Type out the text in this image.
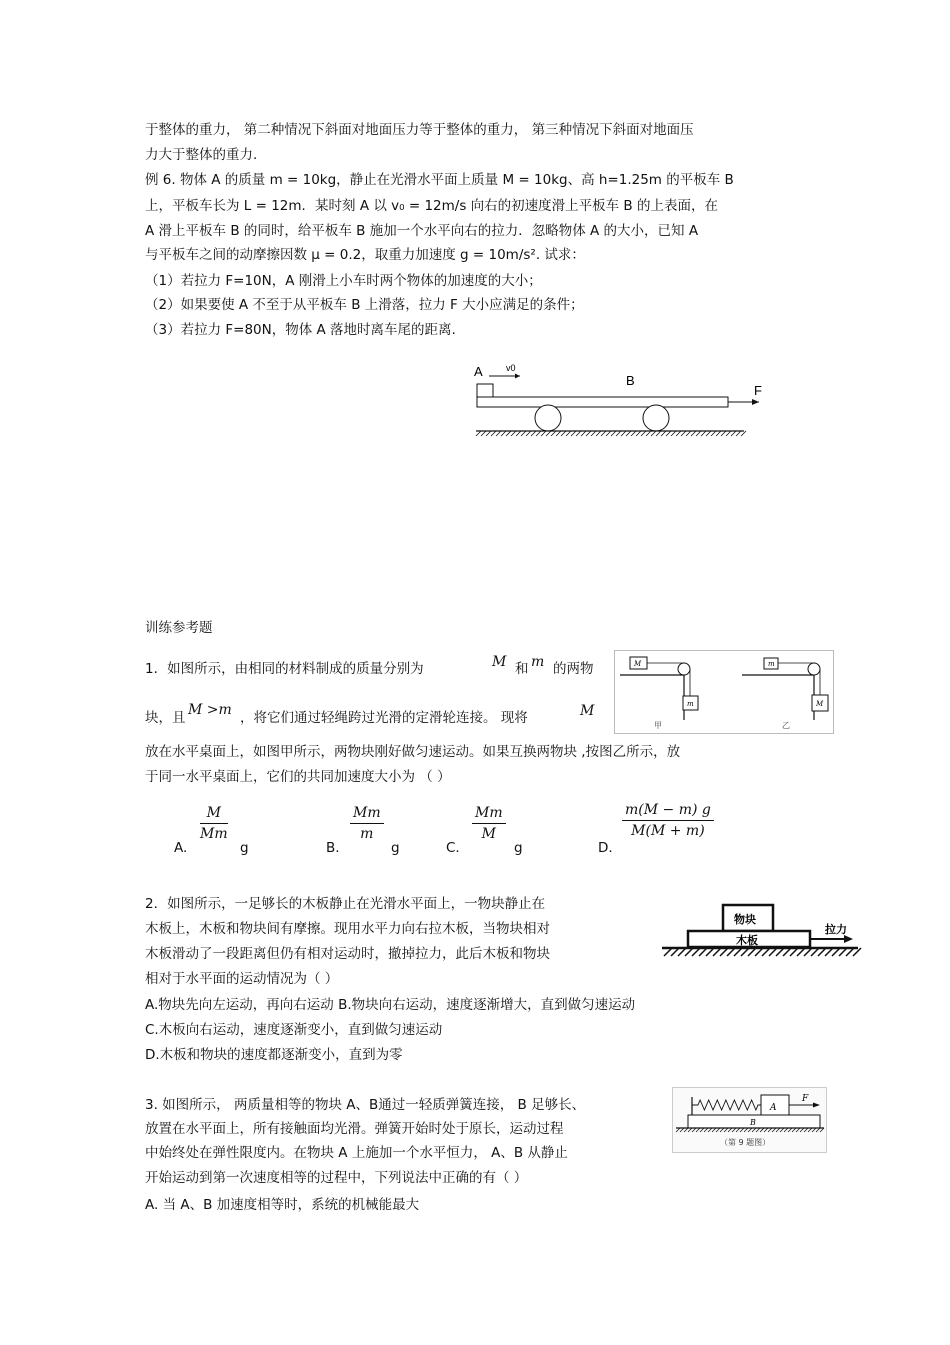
于整体的重力， 第二种情况下斜面对地面压力等于整体的重力， 第三种情况下斜面对地面压
力大于整体的重力.
例 6. 物体 A 的质量 m = 10kg，静止在光滑水平面上质量 M = 10kg、高 h=1.25m 的平板车 B
上，平板车长为 L = 12m．某时刻 A 以 v₀ = 12m/s 向右的初速度滑上平板车 B 的上表面，在
A 滑上平板车 B 的同时，给平板车 B 施加一个水平向右的拉力．忽略物体 A 的大小，已知 A
与平板车之间的动摩擦因数 μ = 0.2，取重力加速度 g = 10m/s². 试求：
（1）若拉力 F=10N，A 刚滑上小车时两个物体的加速度的大小；
（2）如果要使 A 不至于从平板车 B 上滑落，拉力 F 大小应满足的条件；
（3）若拉力 F=80N，物体 A 落地时离车尾的距离.
A	v0
B
F
训练参考题
1．如图所示，由相同的材料制成的质量分别为	M 和 m 的两物
块，且 M >m ，将它们通过轻绳跨过光滑的定滑轮连接。 现将	M
放在水平桌面上，如图甲所示，两物块刚好做匀速运动。如果互换两物块 ,按图乙所示，放
于同一水平桌面上，它们的共同加速度大小为 （ ）
M
m
甲
m
M
乙
A.
$\frac{M}{Mm}$
g	B.
$\frac{Mm}{m}$
g	C.
$\frac{Mm}{M}$
g	D.
$\frac{m(M - m) g}{M(M + m)}$
2．如图所示，一足够长的木板静止在光滑水平面上，一物块静止在
木板上，木板和物块间有摩擦。现用水平力向右拉木板，当物块相对
木板滑动了一段距离但仍有相对运动时，撤掉拉力，此后木板和物块
相对于水平面的运动情况为（ ）
A.物块先向左运动，再向右运动 B.物块向右运动，速度逐渐增大，直到做匀速运动
C.木板向右运动，速度逐渐变小，直到做匀速运动
D.木板和物块的速度都逐渐变小，直到为零
物块
木板
拉力
3. 如图所示， 两质量相等的物块 A、B通过一轻质弹簧连接， B 足够长、
放置在水平面上，所有接触面均光滑。弹簧开始时处于原长，运动过程
中始终处在弹性限度内。在物块 A 上施加一个水平恒力， A、B 从静止
开始运动到第一次速度相等的过程中，下列说法中正确的有（ ）
A. 当 A、B 加速度相等时，系统的机械能最大
A
F
B
（第 9 题图）
